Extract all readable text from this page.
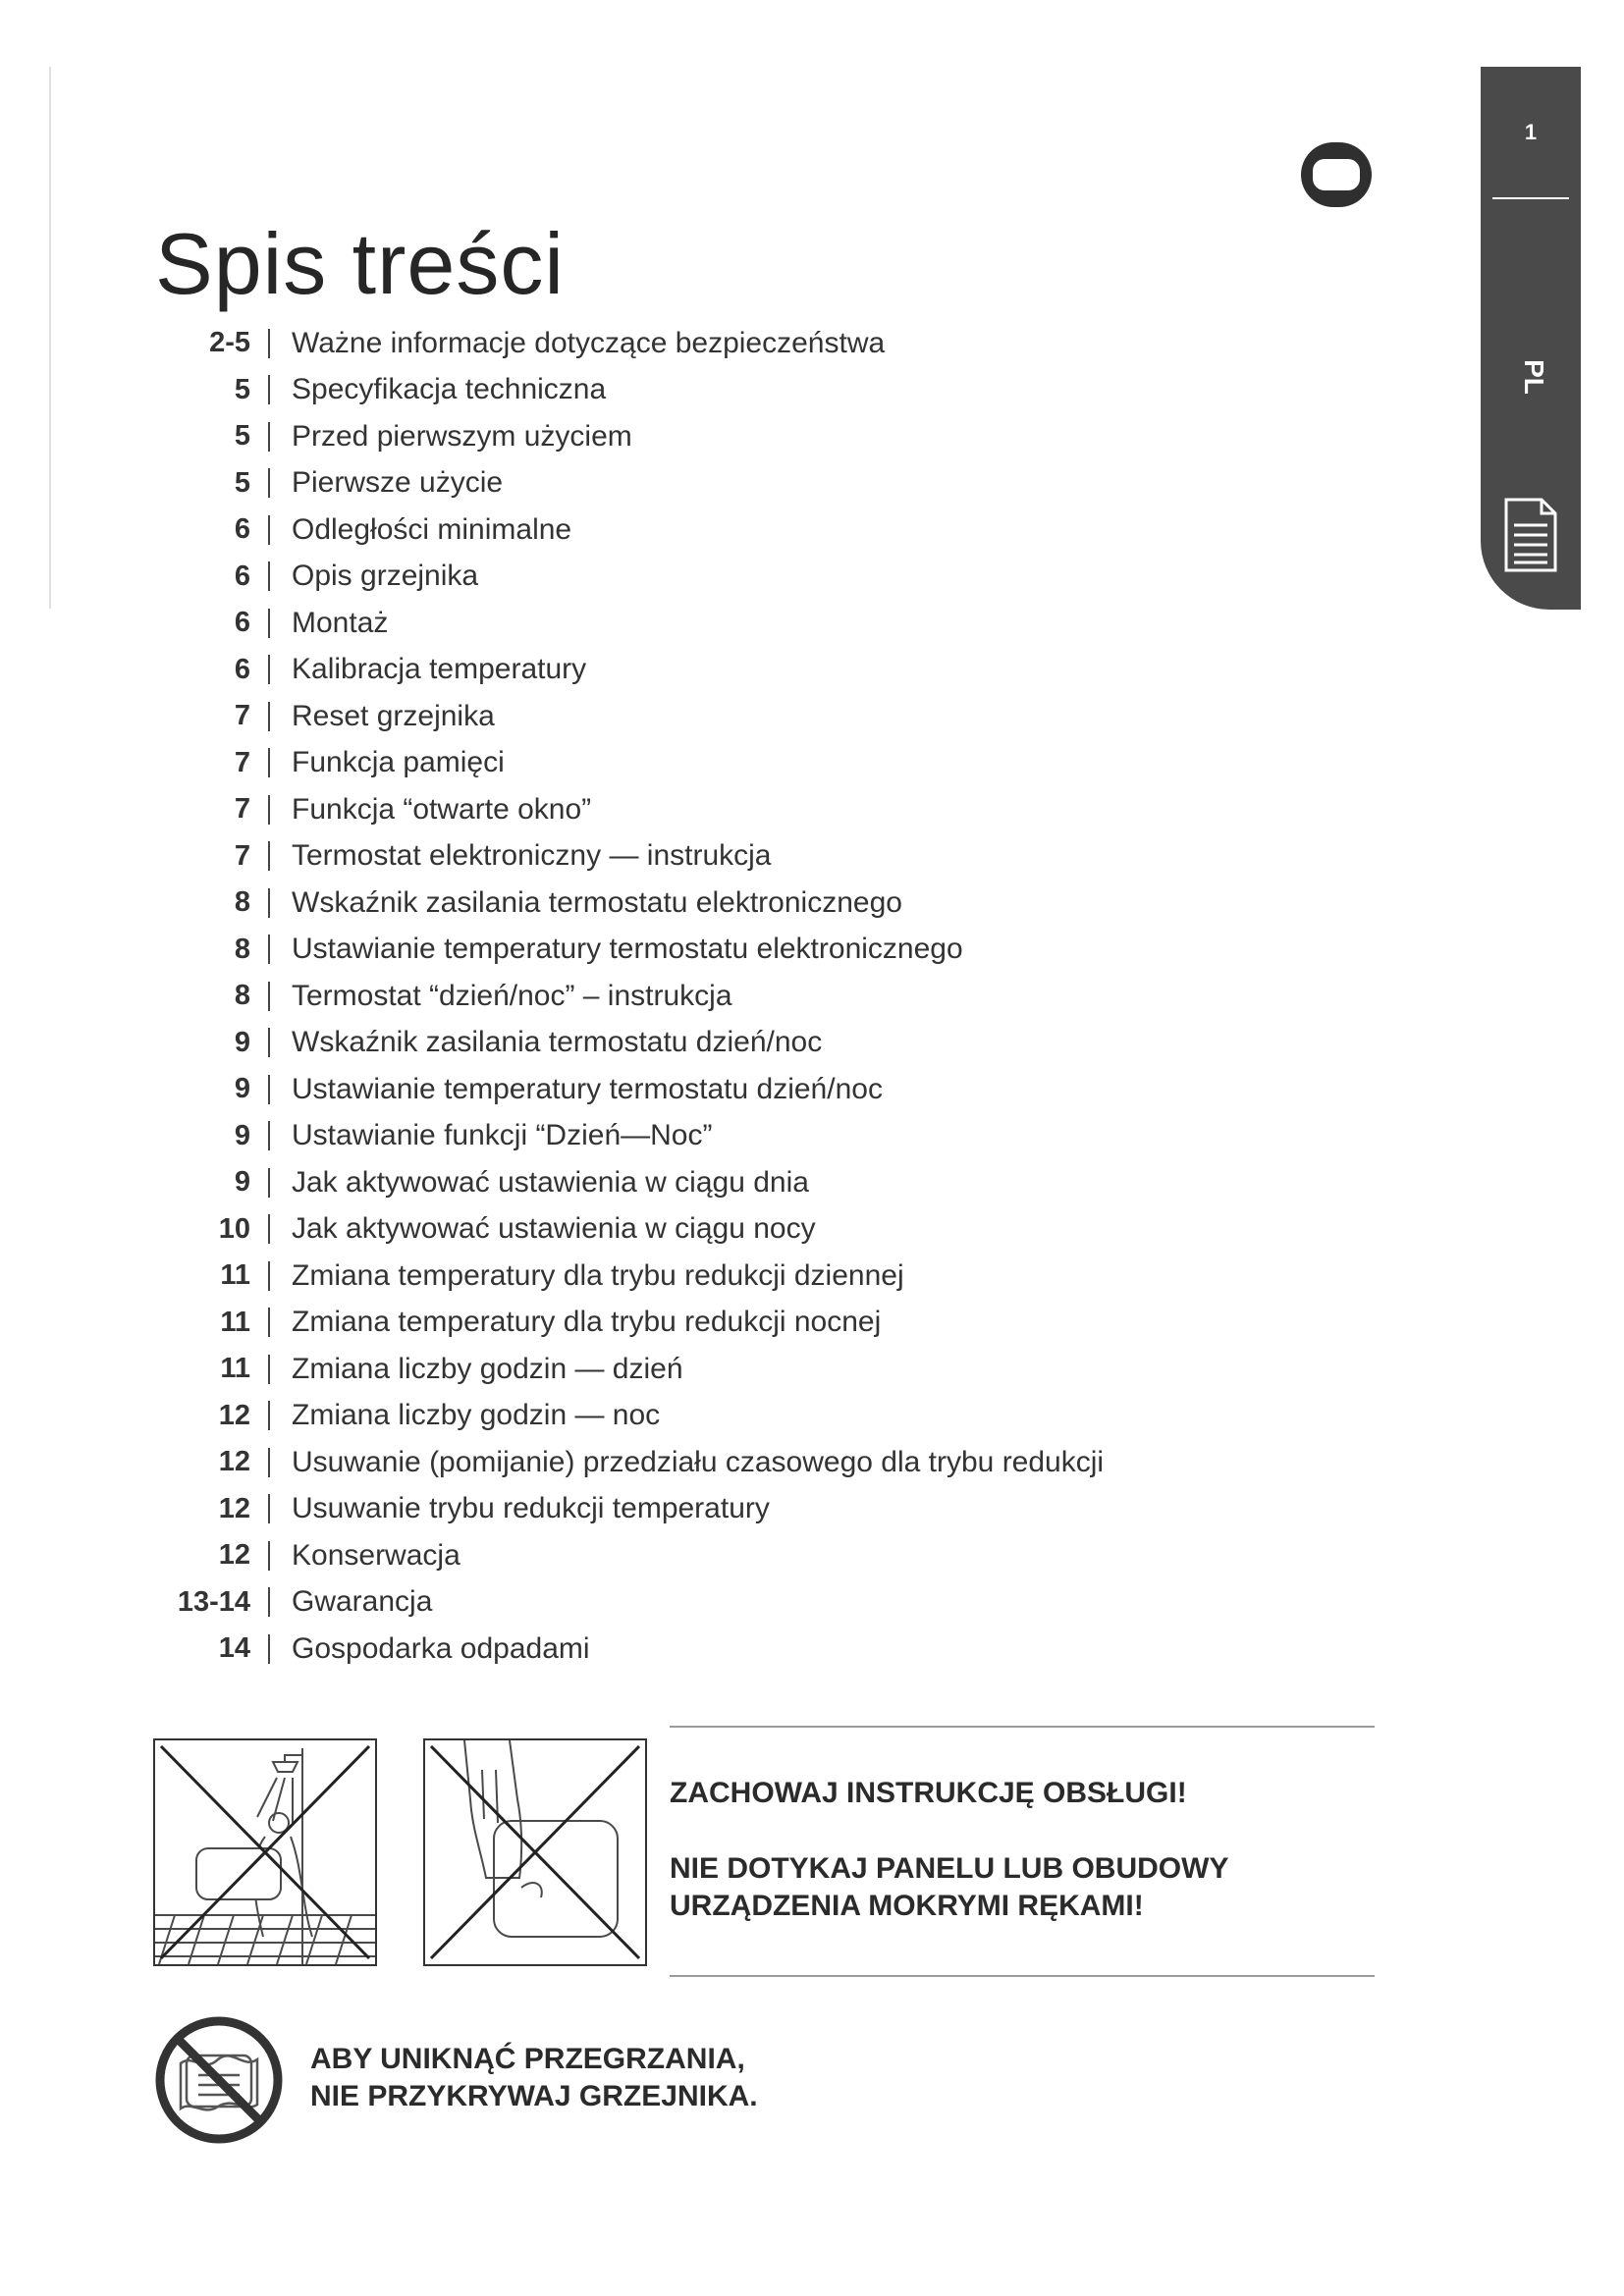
1
PL
Spis treści
2-5 Ważne informacje dotyczące bezpieczeństwa
5 Specyfikacja techniczna
5 Przed pierwszym użyciem
5 Pierwsze użycie
6 Odległości minimalne
6 Opis grzejnika
6 Montaż
6 Kalibracja temperatury
7 Reset grzejnika
7 Funkcja pamięci
7 Funkcja “otwarte okno”
7 Termostat elektroniczny — instrukcja
8 Wskaźnik zasilania termostatu elektronicznego
8 Ustawianie temperatury termostatu elektronicznego
8 Termostat “dzień/noc” – instrukcja
9 Wskaźnik zasilania termostatu dzień/noc
9 Ustawianie temperatury termostatu dzień/noc
9 Ustawianie funkcji “Dzień—Noc”
9 Jak aktywować ustawienia w ciągu dnia
10 Jak aktywować ustawienia w ciągu nocy
11 Zmiana temperatury dla trybu redukcji dziennej
11 Zmiana temperatury dla trybu redukcji nocnej
11 Zmiana liczby godzin — dzień
12 Zmiana liczby godzin — noc
12 Usuwanie (pomijanie) przedziału czasowego dla trybu redukcji
12 Usuwanie trybu redukcji temperatury
12 Konserwacja
13-14 Gwarancja
14 Gospodarka odpadami
ZACHOWAJ INSTRUKCJĘ OBSŁUGI!
NIE DOTYKAJ PANELU LUB OBUDOWY
URZĄDZENIA MOKRYMI RĘKAMI!
ABY UNIKNĄĆ PRZEGRZANIA,
NIE PRZYKRYWAJ GRZEJNIKA.
